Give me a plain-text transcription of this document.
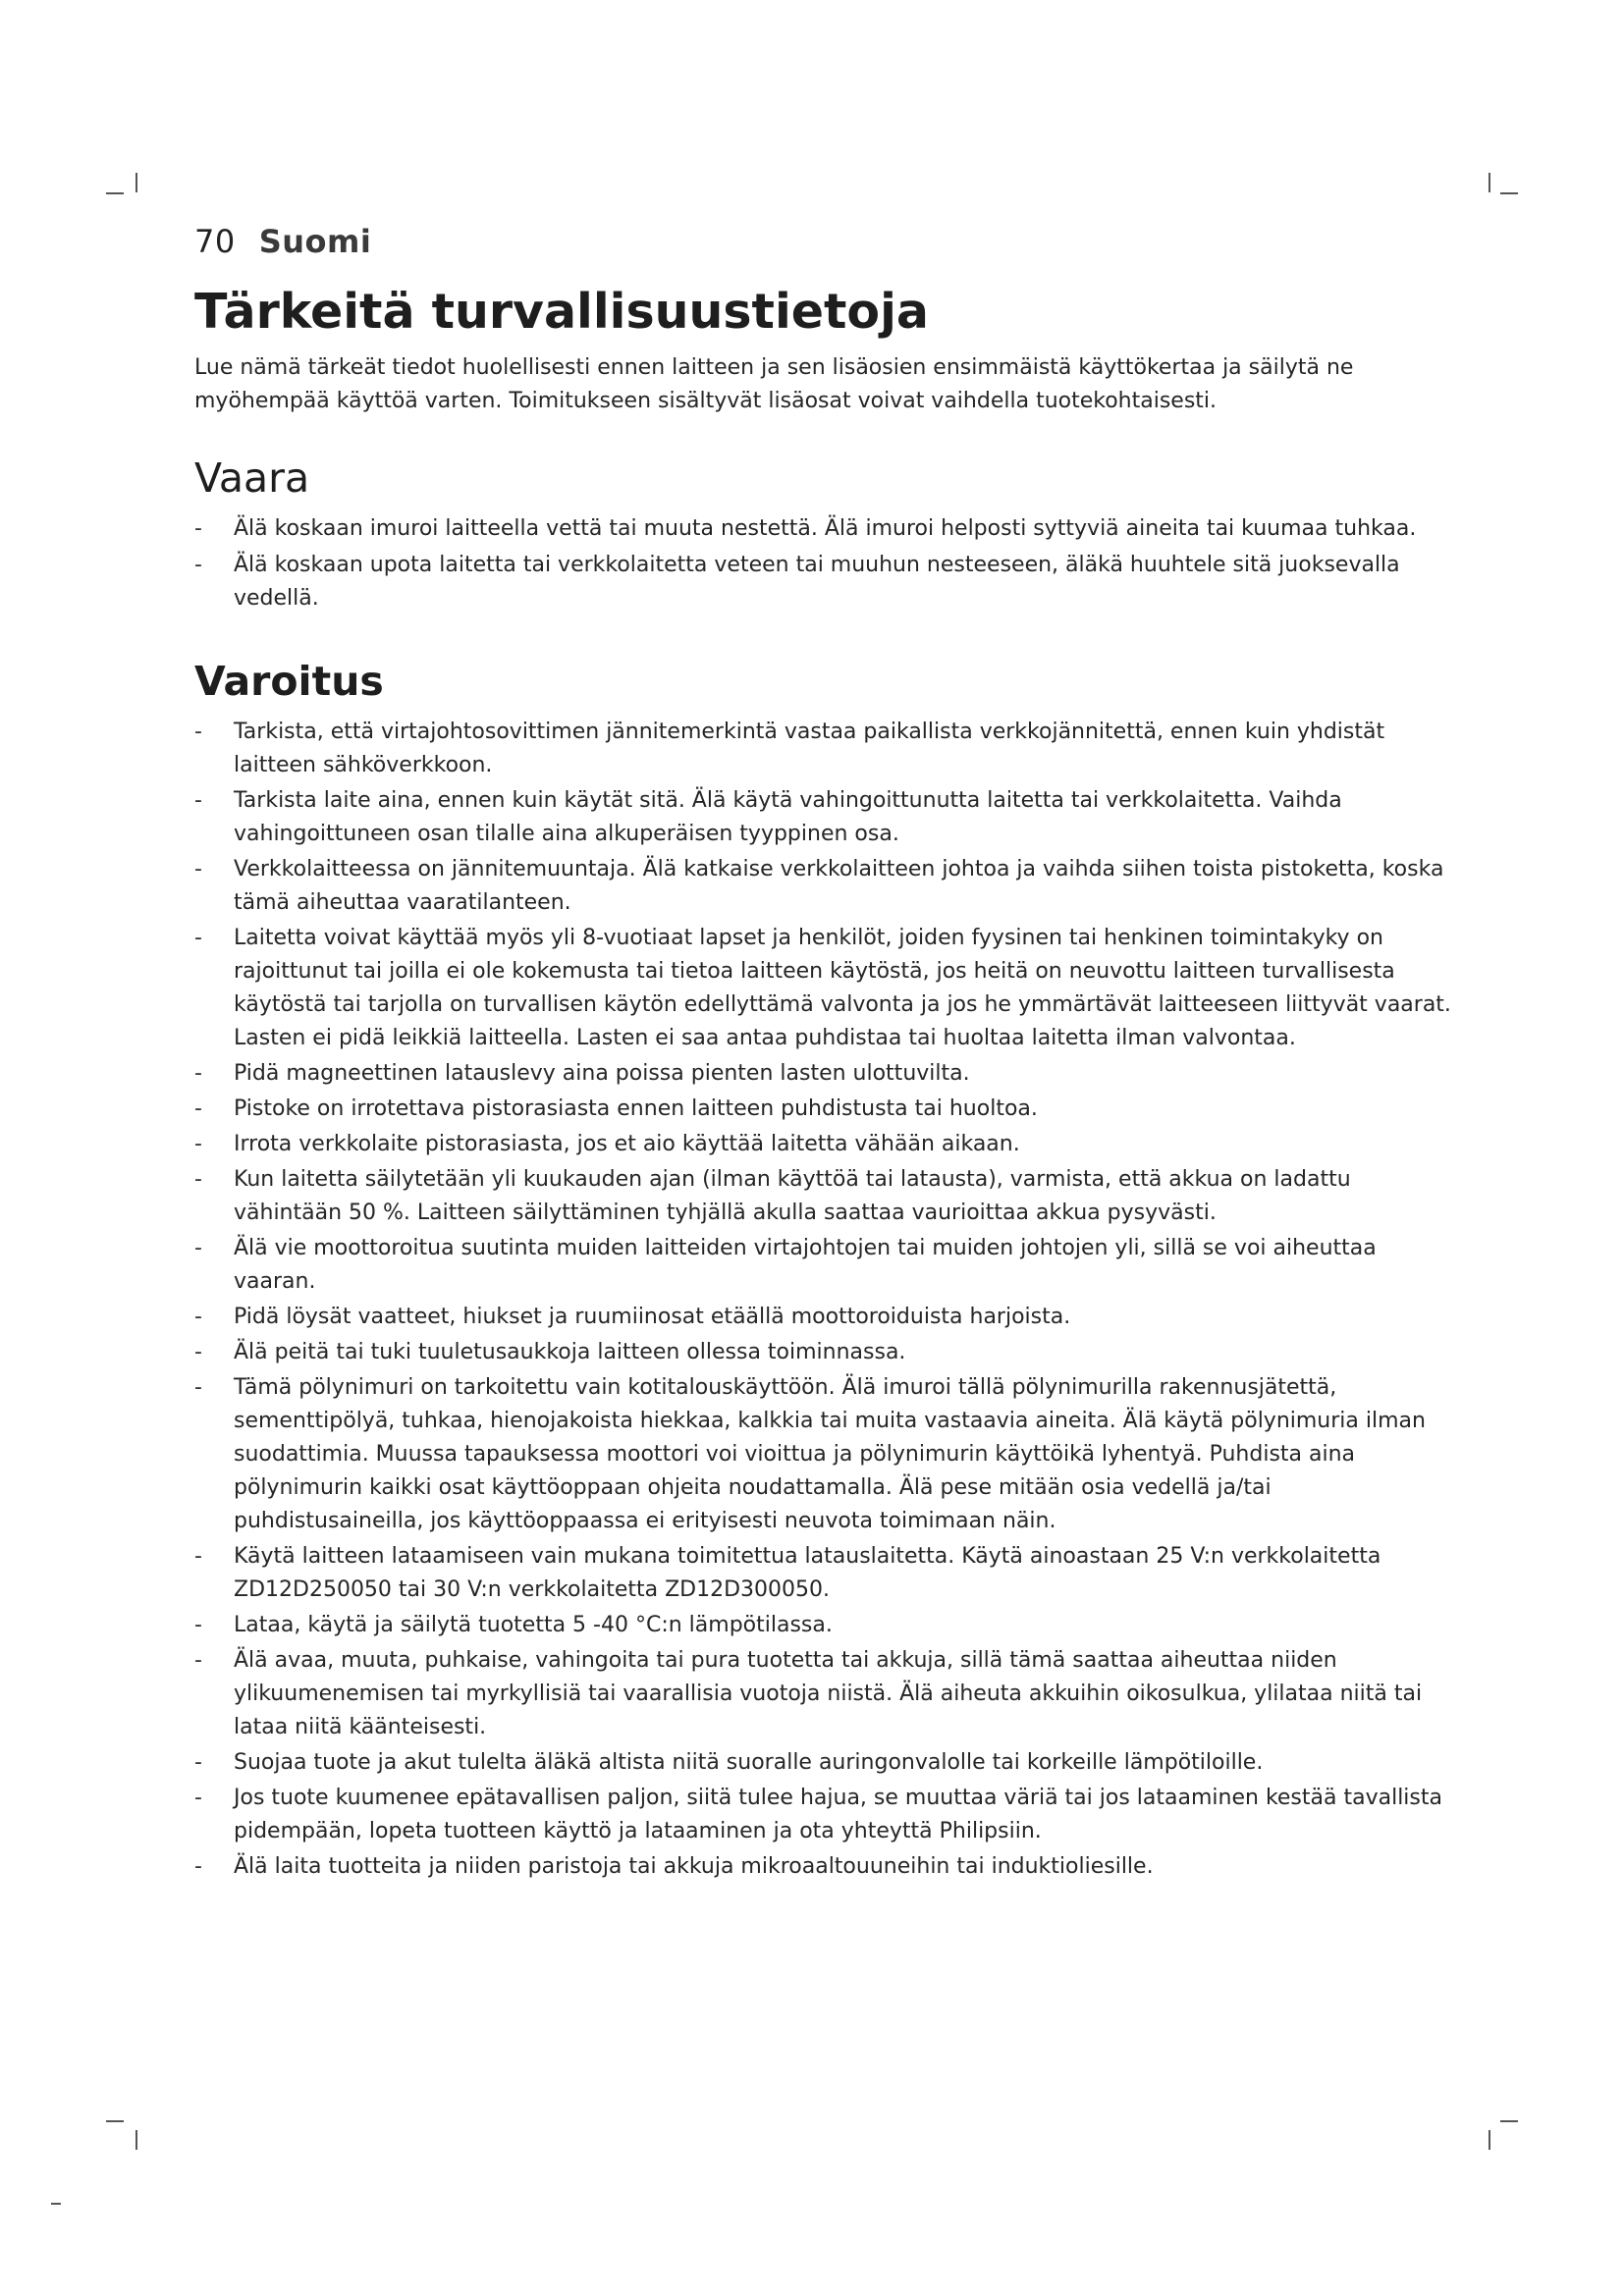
70 Suomi
Tärkeitä turvallisuustietoja

Lue nämä tärkeät tiedot huolellisesti ennen laitteen ja sen lisäosien ensimmäistä käyttökertaa ja säilytä ne myöhempää käyttöä varten. Toimitukseen sisältyvät lisäosat voivat vaihdella tuotekohtaisesti.

Vaara
- Älä koskaan imuroi laitteella vettä tai muuta nestettä. Älä imuroi helposti syttyviä aineita tai kuumaa tuhkaa.
- Älä koskaan upota laitetta tai verkkolaitetta veteen tai muuhun nesteeseen, äläkä huuhtele sitä juoksevalla vedellä.
Varoitus
- Tarkista, että virtajohtosovittimen jännitemerkintä vastaa paikallista verkkojännitettä, ennen kuin yhdistät laitteen sähköverkkoon.
- Tarkista laite aina, ennen kuin käytät sitä. Älä käytä vahingoittunutta laitetta tai verkkolaitetta. Vaihda vahingoittuneen osan tilalle aina alkuperäisen tyyppinen osa.
- Verkkolaitteessa on jännitemuuntaja. Älä katkaise verkkolaitteen johtoa ja vaihda siihen toista pistoketta, koska tämä aiheuttaa vaaratilanteen.
- Laitetta voivat käyttää myös yli 8-vuotiaat lapset ja henkilöt, joiden fyysinen tai henkinen toimintakyky on rajoittunut tai joilla ei ole kokemusta tai tietoa laitteen käytöstä, jos heitä on neuvottu laitteen turvallisesta käytöstä tai tarjolla on turvallisen käytön edellyttämä valvonta ja jos he ymmärtävät laitteeseen liittyvät vaarat. Lasten ei pidä leikkiä laitteella. Lasten ei saa antaa puhdistaa tai huoltaa laitetta ilman valvontaa.
- Pidä magneettinen latauslevy aina poissa pienten lasten ulottuvilta.
- Pistoke on irrotettava pistorasiasta ennen laitteen puhdistusta tai huoltoa.
- Irrota verkkolaite pistorasiasta, jos et aio käyttää laitetta vähään aikaan.
- Kun laitetta säilytetään yli kuukauden ajan (ilman käyttöä tai latausta), varmista, että akkua on ladattu vähintään 50 %. Laitteen säilyttäminen tyhjällä akulla saattaa vaurioittaa akkua pysyvästi.
- Älä vie moottoroitua suutinta muiden laitteiden virtajohtojen tai muiden johtojen yli, sillä se voi aiheuttaa vaaran.
- Pidä löysät vaatteet, hiukset ja ruumiinosat etäällä moottoroiduista harjoista.
- Älä peitä tai tuki tuuletusaukkoja laitteen ollessa toiminnassa.
- Tämä pölynimuri on tarkoitettu vain kotitalouskäyttöön. Älä imuroi tällä pölynimurilla rakennusjätettä, sementtipölyä, tuhkaa, hienojakoista hiekkaa, kalkkia tai muita vastaavia aineita. Älä käytä pölynimuria ilman suodattimia. Muussa tapauksessa moottori voi vioittua ja pölynimurin käyttöikä lyhentyä. Puhdista aina pölynimurin kaikki osat käyttöoppaan ohjeita noudattamalla. Älä pese mitään osia vedellä ja/tai puhdistusaineilla, jos käyttöoppaassa ei erityisesti neuvota toimimaan näin.
- Käytä laitteen lataamiseen vain mukana toimitettua latauslaitetta. Käytä ainoastaan 25 V:n verkkolaitetta ZD12D250050 tai 30 V:n verkkolaitetta ZD12D300050.
- Lataa, käytä ja säilytä tuotetta 5 -40 °C:n lämpötilassa.
- Älä avaa, muuta, puhkaise, vahingoita tai pura tuotetta tai akkuja, sillä tämä saattaa aiheuttaa niiden ylikuumenemisen tai myrkyllisiä tai vaarallisia vuotoja niistä. Älä aiheuta akkuihin oikosulkua, ylilataa niitä tai lataa niitä käänteisesti.
- Suojaa tuote ja akut tulelta äläkä altista niitä suoralle auringonvalolle tai korkeille lämpötiloille.
- Jos tuote kuumenee epätavallisen paljon, siitä tulee hajua, se muuttaa väriä tai jos lataaminen kestää tavallista pidempään, lopeta tuotteen käyttö ja lataaminen ja ota yhteyttä Philipsiin.
- Älä laita tuotteita ja niiden paristoja tai akkuja mikroaaltouuneihin tai induktioliesille.
